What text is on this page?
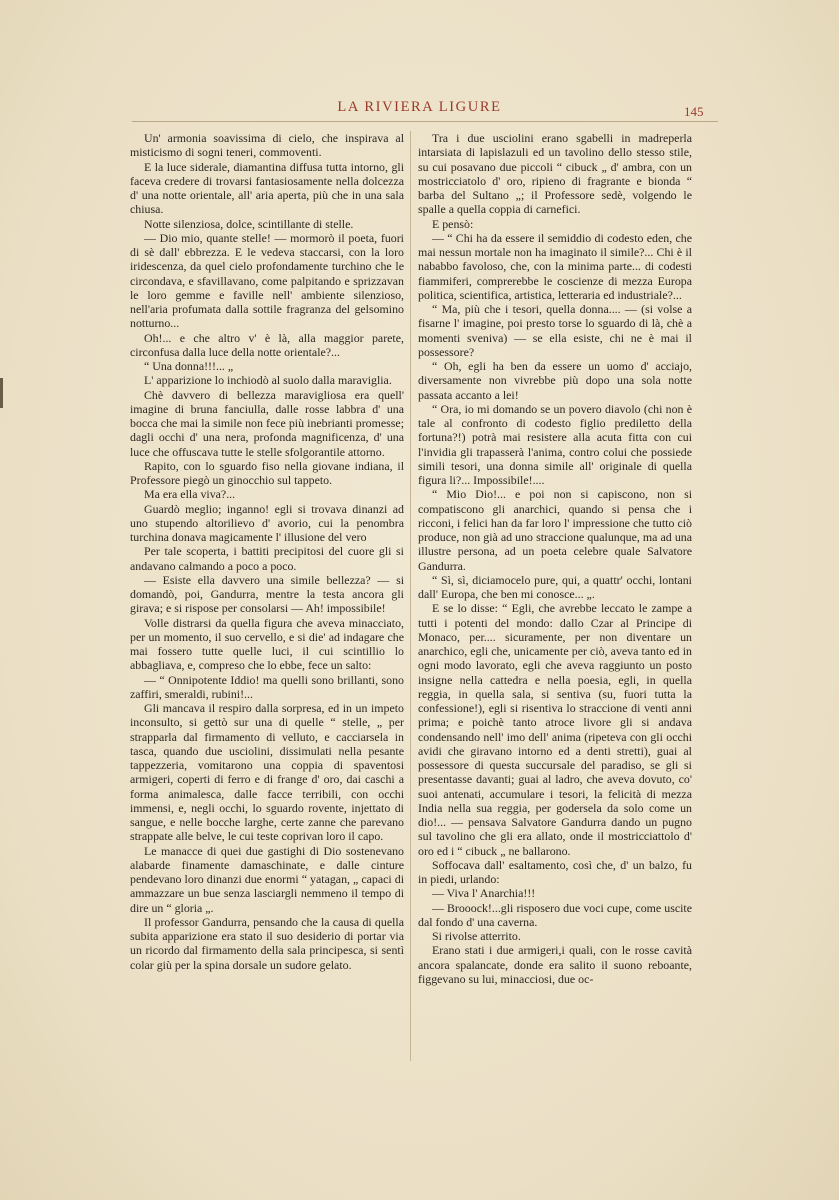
LA RIVIERA LIGURE	145

Un' armonia soavissima di cielo, che inspirava al misticismo di sogni teneri, commoventi.

E la luce siderale, diamantina diffusa tutta intorno, gli faceva credere di trovarsi fantasiosamente nella dolcezza d' una notte orientale, all' aria aperta, più che in una sala chiusa.

Notte silenziosa, dolce, scintillante di stelle.

— Dio mio, quante stelle! — mormorò il poeta, fuori di sè dall' ebbrezza. E le vedeva staccarsi, con la loro iridescenza, da quel cielo profondamente turchino che le circondava, e sfavillavano, come palpitando e sprizzavan le loro gemme e faville nell' ambiente silenzioso, nell'aria profumata dalla sottile fragranza del gelsomino notturno...

Oh!... e che altro v' è là, alla maggior parete, circonfusa dalla luce della notte orientale?...

“ Una donna!!!... „

L' apparizione lo inchiodò al suolo dalla maraviglia.

Chè davvero di bellezza maravigliosa era quell' imagine di bruna fanciulla, dalle rosse labbra d' una bocca che mai la simile non fece più inebrianti promesse; dagli occhi d' una nera, profonda magnificenza, d' una luce che offuscava tutte le stelle sfolgorantile attorno.

Rapito, con lo sguardo fiso nella giovane indiana, il Professore piegò un ginocchio sul tappeto.

Ma era ella viva?...

Guardò meglio; inganno! egli si trovava dinanzi ad uno stupendo altorilievo d' avorio, cui la penombra turchina donava magicamente l' illusione del vero

Per tale scoperta, i battiti precipitosi del cuore gli si andavano calmando a poco a poco.

— Esiste ella davvero una simile bellezza? — si domandò, poi, Gandurra, mentre la testa ancora gli girava; e si rispose per consolarsi — Ah! impossibile!

Volle distrarsi da quella figura che aveva minacciato, per un momento, il suo cervello, e si die' ad indagare che mai fossero tutte quelle luci, il cui scintillio lo abbagliava, e, compreso che lo ebbe, fece un salto:

— “ Onnipotente Iddio! ma quelli sono brillanti, sono zaffiri, smeraldi, rubini!...

Gli mancava il respiro dalla sorpresa, ed in un impeto inconsulto, si gettò sur una di quelle “ stelle, „ per strapparla dal firmamento di velluto, e cacciarsela in tasca, quando due usciolini, dissimulati nella pesante tappezzeria, vomitarono una coppia di spaventosi armigeri, coperti di ferro e di frange d' oro, dai caschi a forma animalesca, dalle facce terribili, con occhi immensi, e, negli occhi, lo sguardo rovente, injettato di sangue, e nelle bocche larghe, certe zanne che parevano strappate alle belve, le cui teste coprivan loro il capo.

Le manacce di quei due gastighi di Dio sostenevano alabarde finamente damaschinate, e dalle cinture pendevano loro dinanzi due enormi “ yatagan, „ capaci di ammazzare un bue senza lasciargli nemmeno il tempo di dire un “ gloria „.

Il professor Gandurra, pensando che la causa di quella subita apparizione era stato il suo desiderio di portar via un ricordo dal firmamento della sala principesca, si sentì colar giù per la spina dorsale un sudore gelato.

Tra i due usciolini erano sgabelli in madreperla intarsiata di lapislazuli ed un tavolino dello stesso stile, su cui posavano due piccoli “ cibuck „ d' ambra, con un mostricciatolo d' oro, ripieno di fragrante e bionda “ barba del Sultano „; il Professore sedè, volgendo le spalle a quella coppia di carnefici.

E pensò:

— “ Chi ha da essere il semiddio di codesto eden, che mai nessun mortale non ha imaginato il simile?... Chi è il nababbo favoloso, che, con la minima parte... di codesti fiammiferi, comprerebbe le coscienze di mezza Europa politica, scientifica, artistica, letteraria ed industriale?...

“ Ma, più che i tesori, quella donna.... — (si volse a fisarne l' imagine, poi presto torse lo sguardo di là, chè a momenti sveniva) — se ella esiste, chi ne è mai il possessore?

“ Oh, egli ha ben da essere un uomo d' acciajo, diversamente non vivrebbe più dopo una sola notte passata accanto a lei!

“ Ora, io mi domando se un povero diavolo (chi non è tale al confronto di codesto figlio prediletto della fortuna?!) potrà mai resistere alla acuta fitta con cui l'invidia gli trapasserà l'anima, contro colui che possiede simili tesori, una donna simile all' originale di quella figura li?... Impossibile!....

“ Mio Dio!... e poi non si capiscono, non si compatiscono gli anarchici, quando si pensa che i ricconi, i felici han da far loro l' impressione che tutto ciò produce, non già ad uno straccione qualunque, ma ad una illustre persona, ad un poeta celebre quale Salvatore Gandurra.

“ Sì, sì, diciamocelo pure, qui, a quattr' occhi, lontani dall' Europa, che ben mi conosce... „.

E se lo disse: “ Egli, che avrebbe leccato le zampe a tutti i potenti del mondo: dallo Czar al Principe di Monaco, per.... sicuramente, per non diventare un anarchico, egli che, unicamente per ciò, aveva tanto ed in ogni modo lavorato, egli che aveva raggiunto un posto insigne nella cattedra e nella poesia, egli, in quella reggia, in quella sala, si sentiva (su, fuori tutta la confessione!), egli si risentiva lo straccione di venti anni prima; e poichè tanto atroce livore gli si andava condensando nell' imo dell' anima (ripeteva con gli occhi avidi che giravano intorno ed a denti stretti), guai al possessore di questa succursale del paradiso, se gli si presentasse davanti; guai al ladro, che aveva dovuto, co' suoi antenati, accumulare i tesori, la felicità di mezza India nella sua reggia, per godersela da solo come un dio!... — pensava Salvatore Gandurra dando un pugno sul tavolino che gli era allato, onde il mostricciattolo d' oro ed i “ cibuck „ ne ballarono.

Soffocava dall' esaltamento, così che, d' un balzo, fu in piedi, urlando:

— Viva l' Anarchia!!!

— Brooock!...gli risposero due voci cupe, come uscite dal fondo d' una caverna.

Si rivolse atterrito.

Erano stati i due armigeri,i quali, con le rosse cavità ancora spalancate, donde era salito il suono reboante, figgevano su lui, minacciosi, due oc-
